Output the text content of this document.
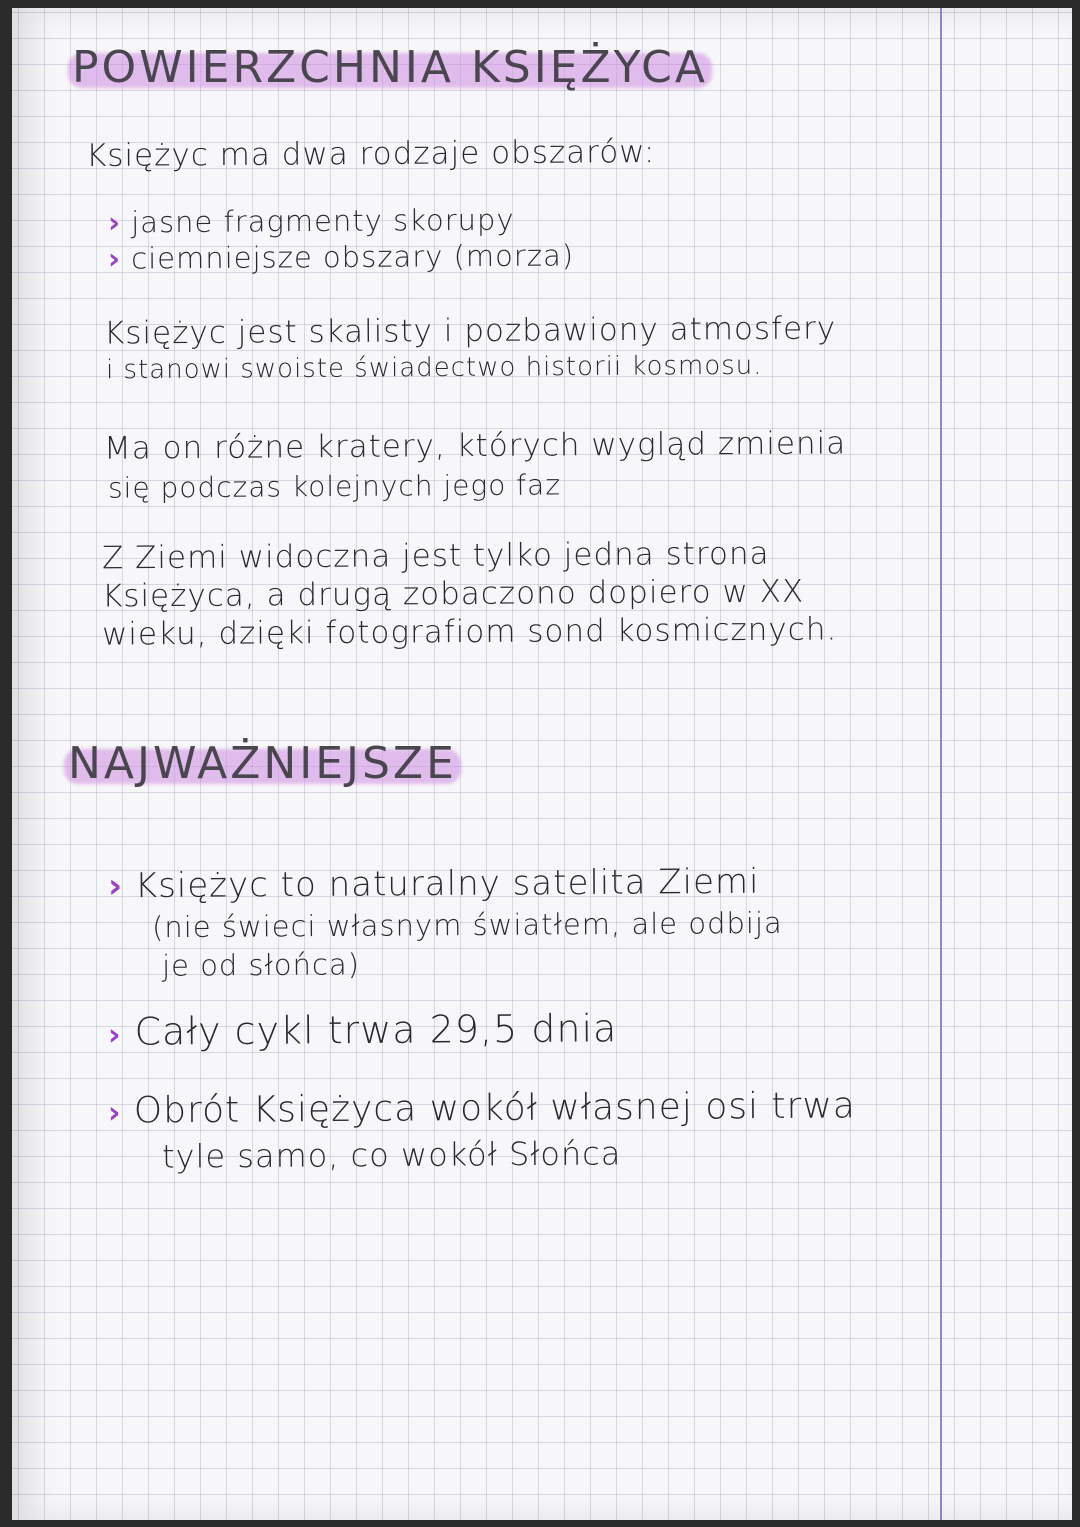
POWIERZCHNIA KSIĘŻYCA
Księżyc ma dwa rodzaje obszarów:
› jasne fragmenty skorupy
› ciemniejsze obszary (morza)
Księżyc jest skalisty i pozbawiony atmosfery
i stanowi swoiste świadectwo historii kosmosu.
Ma on różne kratery, których wygląd zmienia
się podczas kolejnych jego faz
Z Ziemi widoczna jest tylko jedna strona
Księżyca, a drugą zobaczono dopiero w XX
wieku, dzięki fotografiom sond kosmicznych.
NAJWAŻNIEJSZE
› Księżyc to naturalny satelita Ziemi
(nie świeci własnym światłem, ale odbija
je od słońca)
› Cały cykl trwa 29,5 dnia
› Obrót Księżyca wokół własnej osi trwa
tyle samo, co wokół Słońca
